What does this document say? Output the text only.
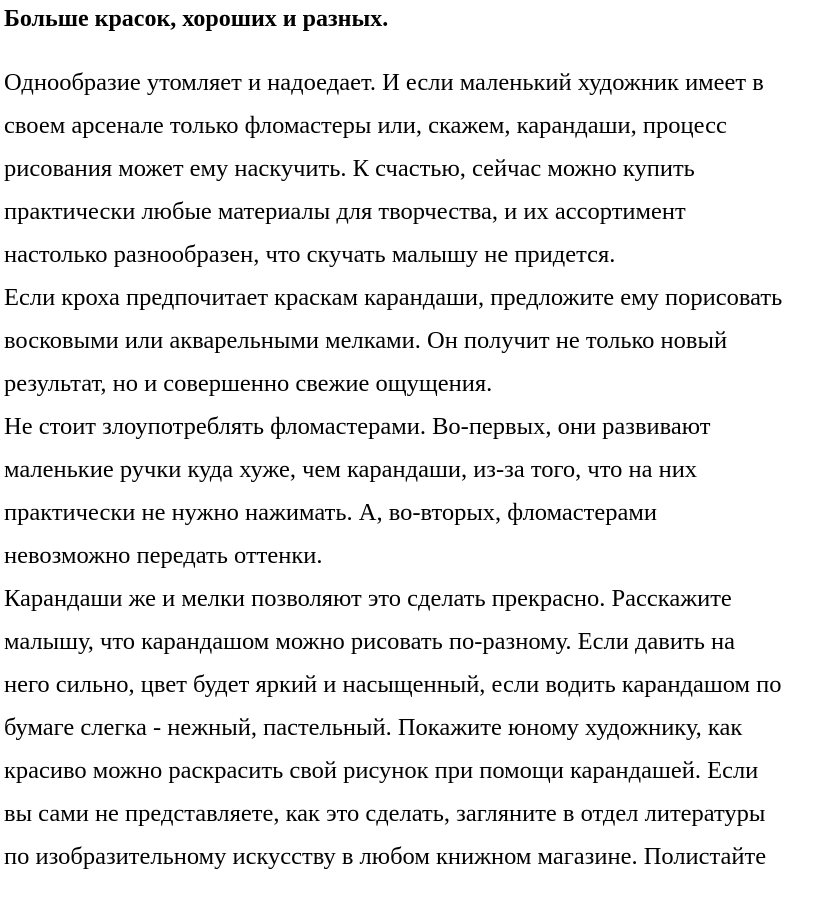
Больше красок, хороших и разных.

Однообразие утомляет и надоедает. И если маленький художник имеет в

своем арсенале только фломастеры или, скажем, карандаши, процесс

рисования может ему наскучить. К счастью, сейчас можно купить

практически любые материалы для творчества, и их ассортимент

настолько разнообразен, что скучать малышу не придется.

Если кроха предпочитает краскам карандаши, предложите ему порисовать

восковыми или акварельными мелками. Он получит не только новый

результат, но и совершенно свежие ощущения.

Не стоит злоупотреблять фломастерами. Во-первых, они развивают

маленькие ручки куда хуже, чем карандаши, из-за того, что на них

практически не нужно нажимать. А, во-вторых, фломастерами

невозможно передать оттенки.

Карандаши же и мелки позволяют это сделать прекрасно. Расскажите

малышу, что карандашом можно рисовать по-разному. Если давить на

него сильно, цвет будет яркий и насыщенный, если водить карандашом по

бумаге слегка - нежный, пастельный. Покажите юному художнику, как

красиво можно раскрасить свой рисунок при помощи карандашей. Если

вы сами не представляете, как это сделать, загляните в отдел литературы

по изобразительному искусству в любом книжном магазине. Полистайте
